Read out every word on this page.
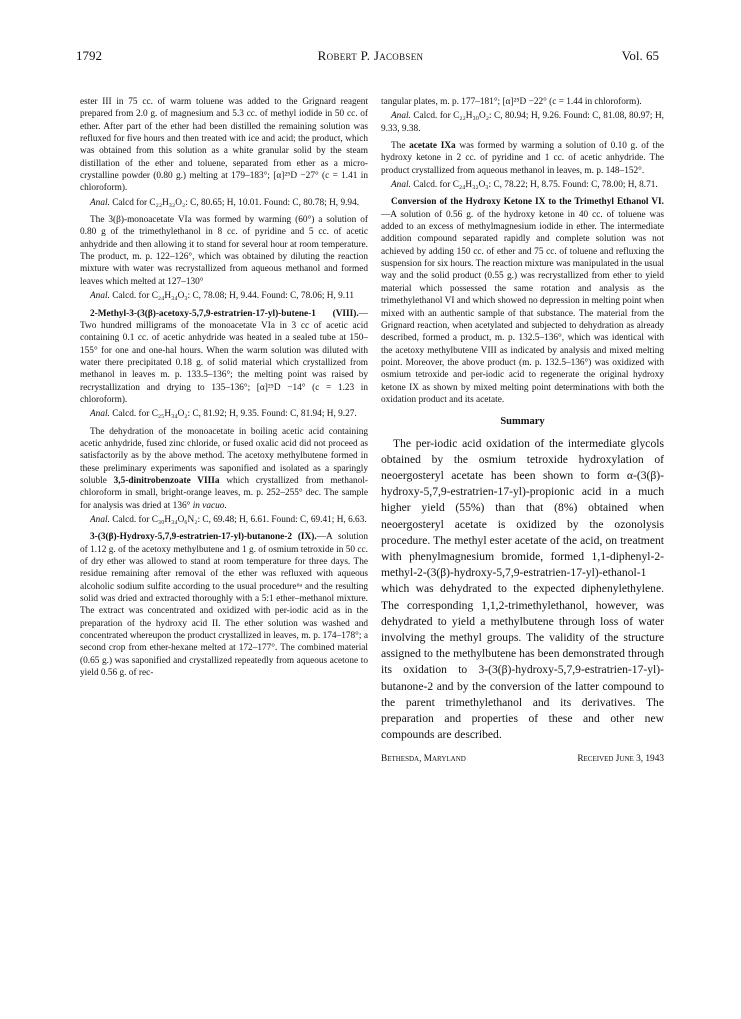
1792	Robert P. Jacobsen	Vol. 65

ester III in 75 cc. of warm toluene was added to the Grignard reagent prepared from 2.0 g. of magnesium and 5.3 cc. of methyl iodide in 50 cc. of ether. After part of the ether had been distilled the remaining solution was refluxed for five hours and then treated with ice and acid; the product, which was obtained from this solution as a white granular solid by the steam distillation of the ether and toluene, separated from ether as a micro-crystalline powder (0.80 g.) melting at 179–183°; [α]²⁵D −27° (c = 1.41 in chloroform).

Anal. Calcd for C₂₂H₃₂O₂: C, 80.65; H, 10.01. Found: C, 80.78; H, 9.94.

The 3(β)-monoacetate VIa was formed by warming (60°) a solution of 0.80 g of the trimethylethanol in 8 cc. of pyridine and 5 cc. of acetic anhydride and then allowing it to stand for several hour at room temperature. The product, m. p. 122–126°, which was obtained by diluting the reaction mixture with water was recrystallized from aqueous methanol and formed leaves which melted at 127–130°

Anal. Calcd. for C₂₄H₃₄O₃: C, 78.08; H, 9.44. Found: C, 78.06; H, 9.11

2-Methyl-3-(3(β)-acetoxy-5,7,9-estratrien-17-yl)-butene-1 (VIII).—Two hundred milligrams of the monoacetate VIa in 3 cc of acetic acid containing 0.1 cc. of acetic anhydride was heated in a sealed tube at 150–155° for one and one-hal hours. When the warm solution was diluted with water there precipitated 0.18 g. of solid material which crystallized from methanol in leaves m. p. 133.5–136°; the melting point was raised by recrystallization and drying to 135–136°; [α]²⁵D −14° (c = 1.23 in chloroform).

Anal. Calcd. for C₂₅H₃₄O₂: C, 81.92; H, 9.35. Found: C, 81.94; H, 9.27.

The dehydration of the monoacetate in boiling acetic acid containing acetic anhydride, fused zinc chloride, or fused oxalic acid did not proceed as satisfactorily as by the above method. The acetoxy methylbutene formed in these preliminary experiments was saponified and isolated as a sparingly soluble 3,5-dinitrobenzoate VIIIa which crystallized from methanol-chloroform in small, bright-orange leaves, m. p. 252–255° dec. The sample for analysis was dried at 136° in vacuo.

Anal. Calcd. for C₃₀H₃₄O₆N₂: C, 69.48; H, 6.61. Found: C, 69.41; H, 6.63.

3-(3(β)-Hydroxy-5,7,9-estratrien-17-yl)-butanone-2 (IX).—A solution of 1.12 g. of the acetoxy methylbutene and 1 g. of osmium tetroxide in 50 cc. of dry ether was allowed to stand at room temperature for three days. The residue remaining after removal of the ether was refluxed with aqueous alcoholic sodium sulfite according to the usual procedure⁶ᵃ and the resulting solid was dried and extracted thoroughly with a 5:1 ether–methanol mixture. The extract was concentrated and oxidized with per-iodic acid as in the preparation of the hydroxy acid II. The ether solution was washed and concentrated whereupon the product crystallized in leaves, m. p. 174–178°; a second crop from ether-hexane melted at 172–177°. The combined material (0.65 g.) was saponified and crystallized repeatedly from aqueous acetone to yield 0.56 g. of rec-

tangular plates, m. p. 177–181°; [α]²⁵D −22° (c = 1.44 in chloroform).

Anal. Calcd. for C₂₂H₃₀O₂: C, 80.94; H, 9.26. Found: C, 81.08, 80.97; H, 9.33, 9.38.

The acetate IXa was formed by warming a solution of 0.10 g. of the hydroxy ketone in 2 cc. of pyridine and 1 cc. of acetic anhydride. The product crystallized from aqueous methanol in leaves, m. p. 148–152°.

Anal. Calcd. for C₂₄H₃₂O₃: C, 78.22; H, 8.75. Found: C, 78.00; H, 8.71.

Conversion of the Hydroxy Ketone IX to the Trimethyl Ethanol VI.—A solution of 0.56 g. of the hydroxy ketone in 40 cc. of toluene was added to an excess of methylmagnesium iodide in ether. The intermediate addition compound separated rapidly and complete solution was not achieved by adding 150 cc. of ether and 75 cc. of toluene and refluxing the suspension for six hours. The reaction mixture was manipulated in the usual way and the solid product (0.55 g.) was recrystallized from ether to yield material which possessed the same rotation and analysis as the trimethylethanol VI and which showed no depression in melting point when mixed with an authentic sample of that substance. The material from the Grignard reaction, when acetylated and subjected to dehydration as already described, formed a product, m. p. 132.5–136°, which was identical with the acetoxy methylbutene VIII as indicated by analysis and mixed melting point. Moreover, the above product (m. p. 132.5–136°) was oxidized with osmium tetroxide and per-iodic acid to regenerate the original hydroxy ketone IX as shown by mixed melting point determinations with both the oxidation product and its acetate.

Summary

The per-iodic acid oxidation of the intermediate glycols obtained by the osmium tetroxide hydroxylation of neoergosteryl acetate has been shown to form α-(3(β)-hydroxy-5,7,9-estratrien-17-yl)-propionic acid in a much higher yield (55%) than that (8%) obtained when neoergosteryl acetate is oxidized by the ozonolysis procedure. The methyl ester acetate of the acid, on treatment with phenylmagnesium bromide, formed 1,1-diphenyl-2-methyl-2-(3(β)-hydroxy-5,7,9-estratrien-17-yl)-ethanol-1 which was dehydrated to the expected diphenylethylene. The corresponding 1,1,2-trimethylethanol, however, was dehydrated to yield a methylbutene through loss of water involving the methyl groups. The validity of the structure assigned to the methylbutene has been demonstrated through its oxidation to 3-(3(β)-hydroxy-5,7,9-estratrien-17-yl)-butanone-2 and by the conversion of the latter compound to the parent trimethylethanol and its derivatives. The preparation and properties of these and other new compounds are described.

Bethesda, Maryland	Received June 3, 1943
